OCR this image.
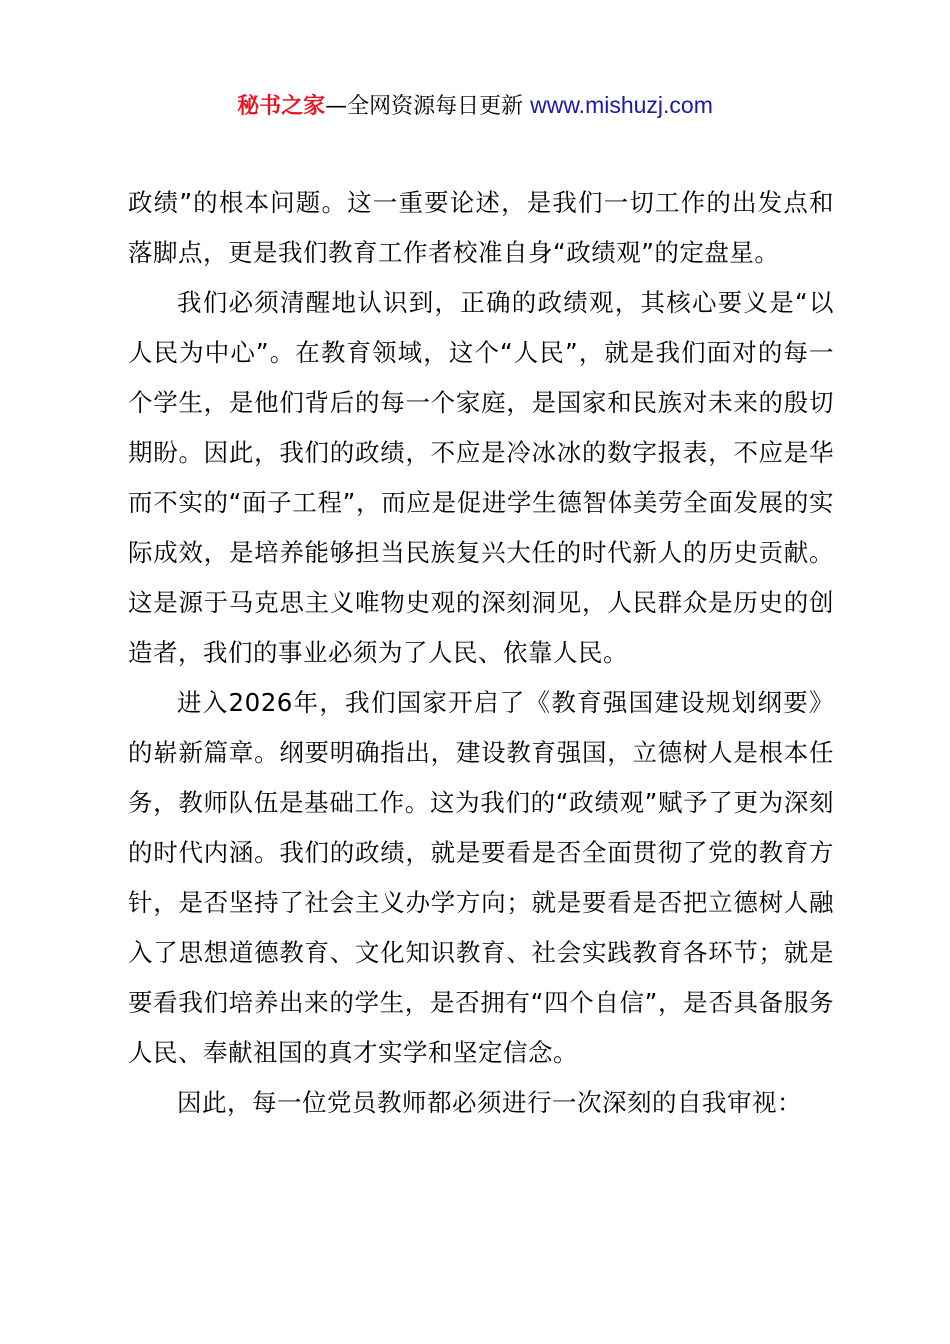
秘书之家—全网资源每日更新 www.mishuzj.com

政绩”的根本问题。这一重要论述，是我们一切工作的出发点和落脚点，更是我们教育工作者校准自身“政绩观”的定盘星。

我们必须清醒地认识到，正确的政绩观，其核心要义是“以人民为中心”。在教育领域，这个“人民”，就是我们面对的每一个学生，是他们背后的每一个家庭，是国家和民族对未来的殷切期盼。因此，我们的政绩，不应是冷冰冰的数字报表，不应是华而不实的“面子工程”，而应是促进学生德智体美劳全面发展的实际成效，是培养能够担当民族复兴大任的时代新人的历史贡献。这是源于马克思主义唯物史观的深刻洞见，人民群众是历史的创造者，我们的事业必须为了人民、依靠人民。

进入2026年，我们国家开启了《教育强国建设规划纲要》的崭新篇章。纲要明确指出，建设教育强国，立德树人是根本任务，教师队伍是基础工作。这为我们的“政绩观”赋予了更为深刻的时代内涵。我们的政绩，就是要看是否全面贯彻了党的教育方针，是否坚持了社会主义办学方向；就是要看是否把立德树人融入了思想道德教育、文化知识教育、社会实践教育各环节；就是要看我们培养出来的学生，是否拥有“四个自信”，是否具备服务人民、奉献祖国的真才实学和坚定信念。

因此，每一位党员教师都必须进行一次深刻的自我审视：
